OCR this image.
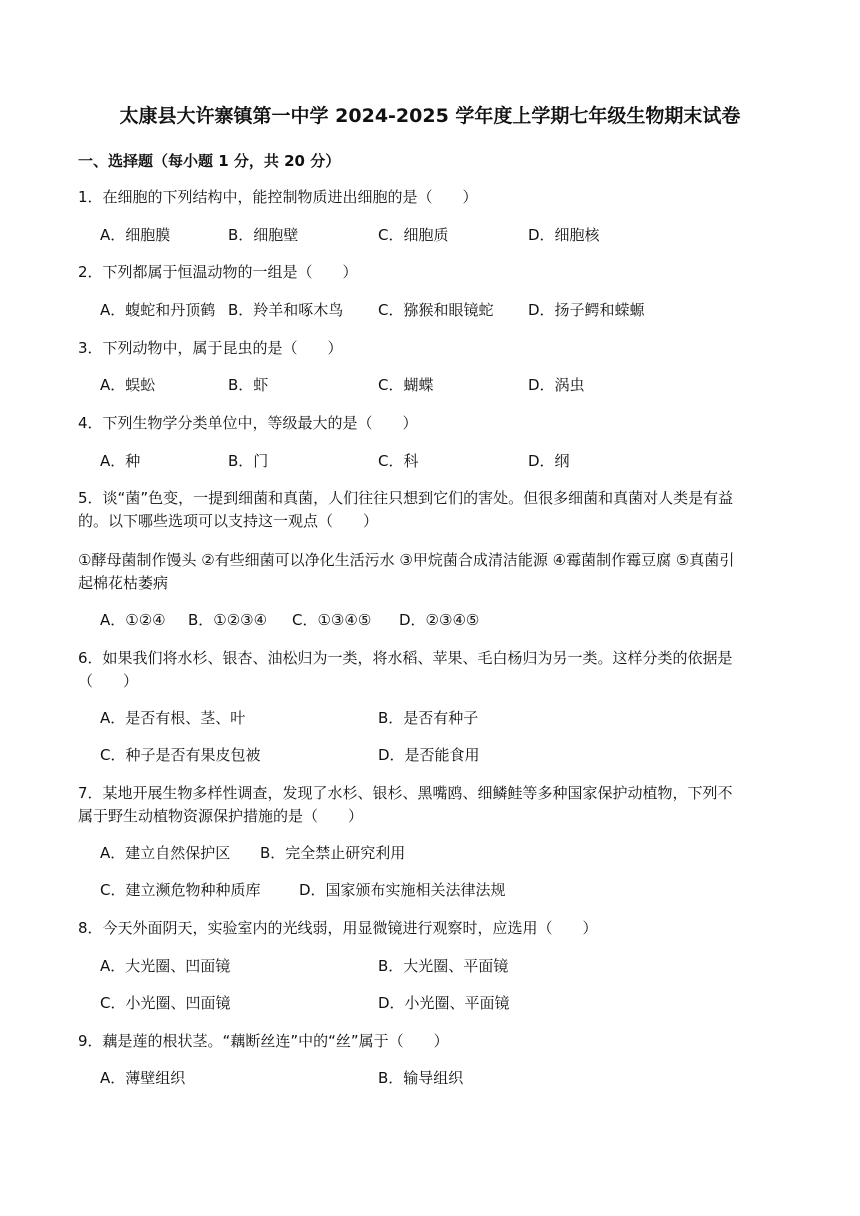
太康县大许寨镇第一中学 2024-2025 学年度上学期七年级生物期末试卷
一、选择题（每小题 1 分，共 20 分）
1．在细胞的下列结构中，能控制物质进出细胞的是（　　）
A．细胞膜	B．细胞壁	C．细胞质	D．细胞核
2．下列都属于恒温动物的一组是（　　）
A．蝮蛇和丹顶鹤 B．羚羊和啄木鸟 C．猕猴和眼镜蛇 D．扬子鳄和蝾螈
3．下列动物中，属于昆虫的是（　　）
A．蜈蚣	B．虾	C．蝴蝶	D．涡虫
4．下列生物学分类单位中，等级最大的是（　　）
A．种	B．门	C．科	D．纲
5．谈“菌”色变，一提到细菌和真菌，人们往往只想到它们的害处。但很多细菌和真菌对人类是有益
的。以下哪些选项可以支持这一观点（　　）
①酵母菌制作馒头 ②有些细菌可以净化生活污水 ③甲烷菌合成清洁能源 ④霉菌制作霉豆腐 ⑤真菌引
起棉花枯萎病
A．①②④ B．①②③④ C．①③④⑤ D．②③④⑤
6．如果我们将水杉、银杏、油松归为一类，将水稻、苹果、毛白杨归为另一类。这样分类的依据是
（　　）
A．是否有根、茎、叶	B．是否有种子
C．种子是否有果皮包被	D．是否能食用
7．某地开展生物多样性调查，发现了水杉、银杉、黑嘴鸥、细鳞鲑等多种国家保护动植物，下列不
属于野生动植物资源保护措施的是（　　）
A．建立自然保护区 B．完全禁止研究利用
C．建立濒危物种种质库	D．国家颁布实施相关法律法规
8．今天外面阴天，实验室内的光线弱，用显微镜进行观察时，应选用（　　）
A．大光圈、凹面镜	B．大光圈、平面镜
C．小光圈、凹面镜	D．小光圈、平面镜
9．藕是莲的根状茎。“藕断丝连”中的“丝”属于（　　）
A．薄壁组织	B．输导组织
